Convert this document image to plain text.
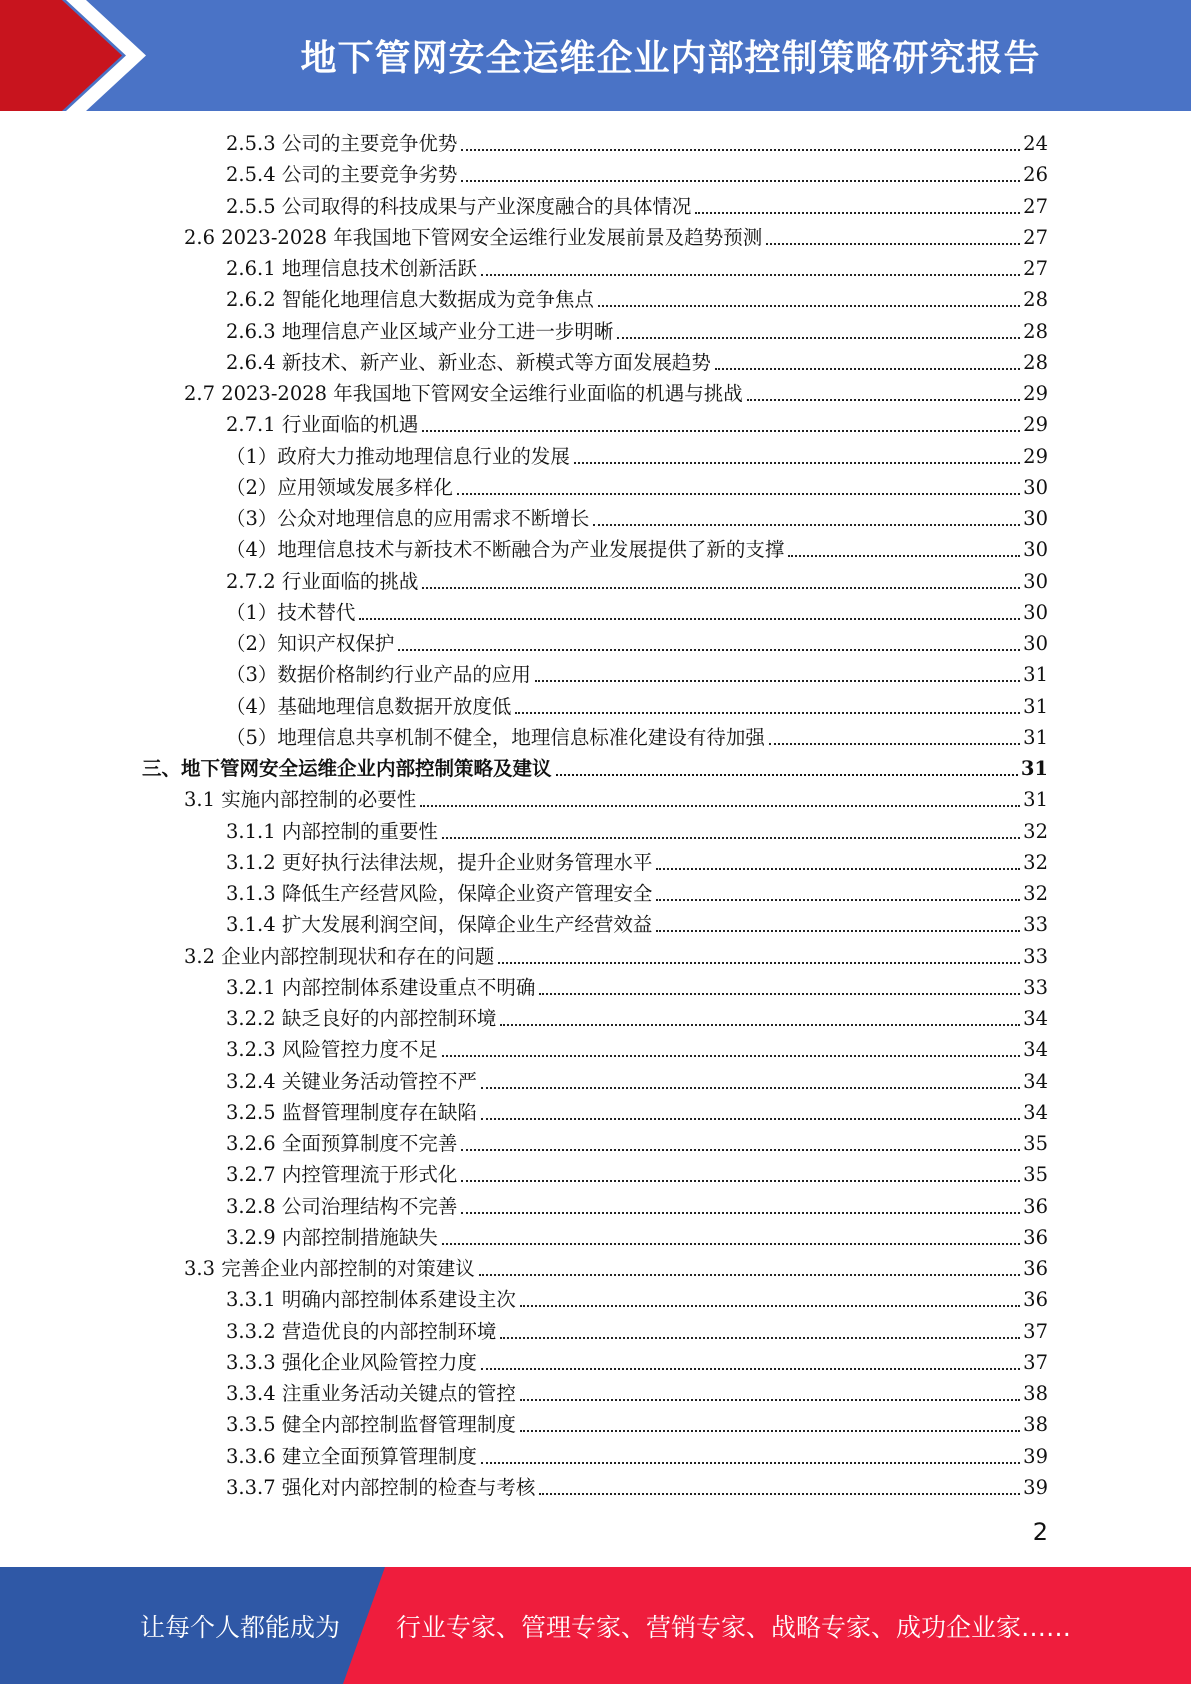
地下管网安全运维企业内部控制策略研究报告
2.5.3 公司的主要竞争优势	24
2.5.4 公司的主要竞争劣势	26
2.5.5 公司取得的科技成果与产业深度融合的具体情况	27
2.6 2023-2028 年我国地下管网安全运维行业发展前景及趋势预测	27
2.6.1 地理信息技术创新活跃	27
2.6.2 智能化地理信息大数据成为竞争焦点	28
2.6.3 地理信息产业区域产业分工进一步明晰	28
2.6.4 新技术、新产业、新业态、新模式等方面发展趋势	28
2.7 2023-2028 年我国地下管网安全运维行业面临的机遇与挑战	29
2.7.1 行业面临的机遇	29
（1）政府大力推动地理信息行业的发展	29
（2）应用领域发展多样化	30
（3）公众对地理信息的应用需求不断增长	30
（4）地理信息技术与新技术不断融合为产业发展提供了新的支撑	30
2.7.2 行业面临的挑战	30
（1）技术替代	30
（2）知识产权保护	30
（3）数据价格制约行业产品的应用	31
（4）基础地理信息数据开放度低	31
（5）地理信息共享机制不健全，地理信息标准化建设有待加强	31
三、地下管网安全运维企业内部控制策略及建议	31
3.1 实施内部控制的必要性	31
3.1.1 内部控制的重要性	32
3.1.2 更好执行法律法规，提升企业财务管理水平	32
3.1.3 降低生产经营风险，保障企业资产管理安全	32
3.1.4 扩大发展利润空间，保障企业生产经营效益	33
3.2 企业内部控制现状和存在的问题	33
3.2.1 内部控制体系建设重点不明确	33
3.2.2 缺乏良好的内部控制环境	34
3.2.3 风险管控力度不足	34
3.2.4 关键业务活动管控不严	34
3.2.5 监督管理制度存在缺陷	34
3.2.6 全面预算制度不完善	35
3.2.7 内控管理流于形式化	35
3.2.8 公司治理结构不完善	36
3.2.9 内部控制措施缺失	36
3.3 完善企业内部控制的对策建议	36
3.3.1 明确内部控制体系建设主次	36
3.3.2 营造优良的内部控制环境	37
3.3.3 强化企业风险管控力度	37
3.3.4 注重业务活动关键点的管控	38
3.3.5 健全内部控制监督管理制度	38
3.3.6 建立全面预算管理制度	39
3.3.7 强化对内部控制的检查与考核	39
2
让每个人都能成为 行业专家、管理专家、营销专家、战略专家、成功企业家……
